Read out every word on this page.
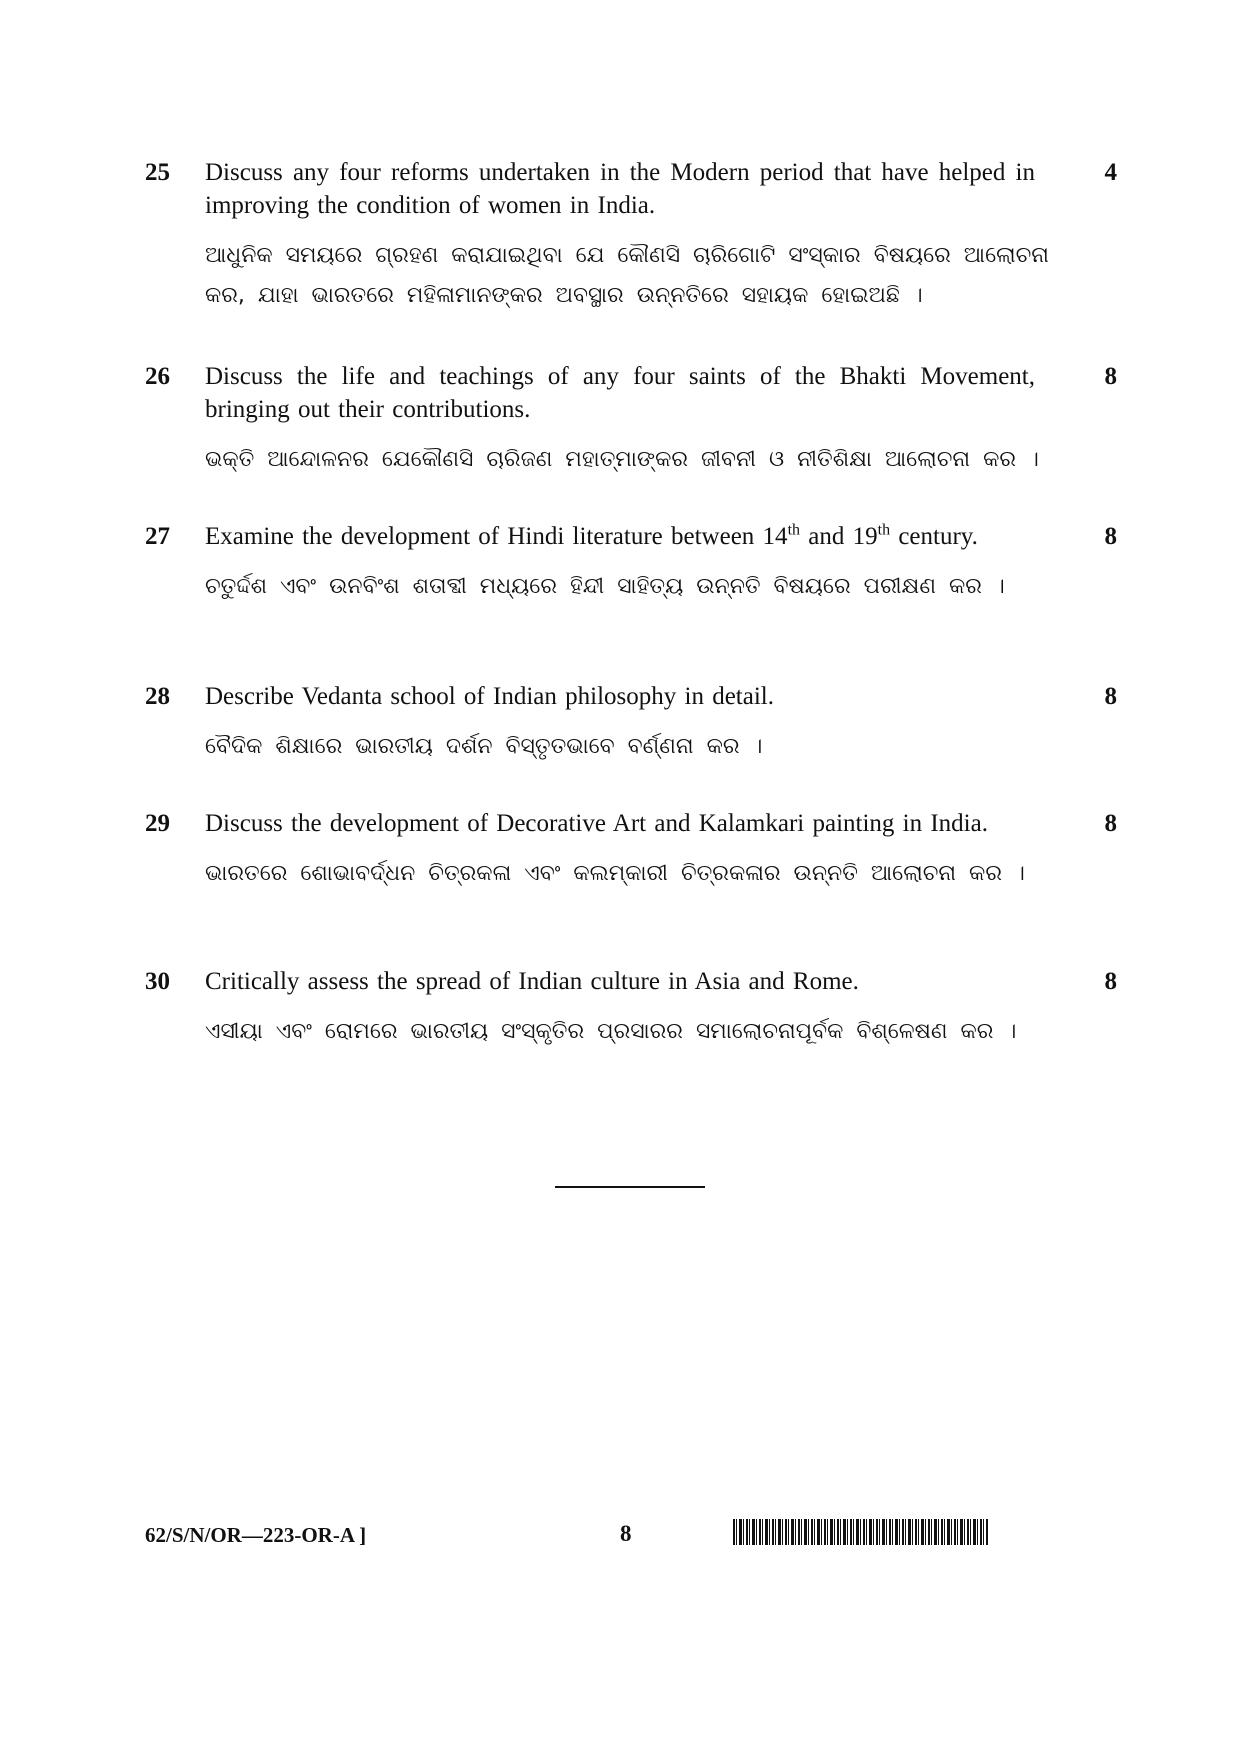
25	4
Discuss any four reforms undertaken in the Modern period that have helped in improving the condition of women in India.
ଆଧୁନିକ ସମୟରେ ଗ୍ରହଣ କରାଯାଇଥିବା ଯେ କୌଣସି ଚାରିଗୋଟି ସଂସ୍କାର ବିଷୟରେ ଆଲୋଚନା କର, ଯାହା ଭାରତରେ ମହିଳାମାନଙ୍କର ଅବସ୍ଥାର ଉନ୍ନତିରେ ସହାୟକ ହୋଇଅଛି ।
26	8
Discuss the life and teachings of any four saints of the Bhakti Movement, bringing out their contributions.
ଭକ୍ତି ଆନ୍ଦୋଳନର ଯେକୌଣସି ଚାରିଜଣ ମହାତ୍ମାଙ୍କର ଜୀବନୀ ଓ ନୀତିଶିକ୍ଷା ଆଲୋଚନା କର ।
27	8
Examine the development of Hindi literature between 14th and 19th century.
ଚତୁର୍ଦ୍ଦଶ ଏବଂ ଉନବିଂଶ ଶତାବ୍ଦୀ ମଧ୍ୟରେ ହିନ୍ଦୀ ସାହିତ୍ୟ ଉନ୍ନତି ବିଷୟରେ ପରୀକ୍ଷଣ କର ।
28	8
Describe Vedanta school of Indian philosophy in detail.
ବୈଦିକ ଶିକ୍ଷାରେ ଭାରତୀୟ ଦର୍ଶନ ବିସ୍ତୃତଭାବେ ବର୍ଣ୍ଣନା କର ।
29	8
Discuss the development of Decorative Art and Kalamkari painting in India.
ଭାରତରେ ଶୋଭାବର୍ଦ୍ଧନ ଚିତ୍ରକଳା ଏବଂ କଲମ୍‌କାରୀ ଚିତ୍ରକଳାର ଉନ୍ନତି ଆଲୋଚନା କର ।
30	8
Critically assess the spread of Indian culture in Asia and Rome.
ଏସୀୟା ଏବଂ ରୋମରେ ଭାରତୀୟ ସଂସ୍କୃତିର ପ୍ରସାରର ସମାଲୋଚନାପୂର୍ବକ ବିଶ୍ଳେଷଣ କର ।
62/S/N/OR—223-OR-A ]	8
